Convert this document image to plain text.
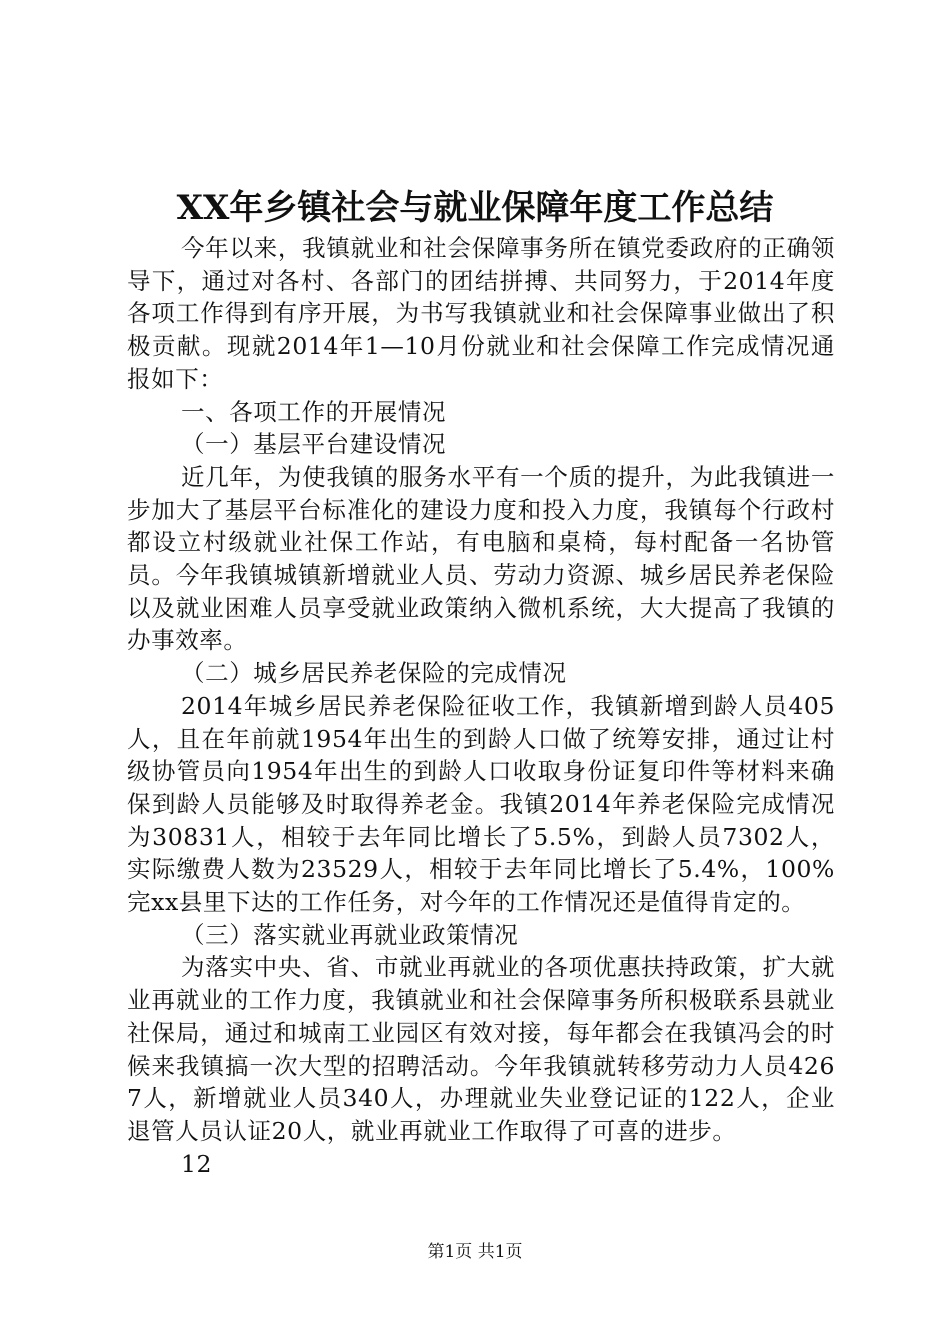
XX年乡镇社会与就业保障年度工作总结

今年以来，我镇就业和社会保障事务所在镇党委政府的正确领导下，通过对各村、各部门的团结拼搏、共同努力，于2014年度各项工作得到有序开展，为书写我镇就业和社会保障事业做出了积极贡献。现就2014年1—10月份就业和社会保障工作完成情况通报如下：

一、各项工作的开展情况

（一）基层平台建设情况

近几年，为使我镇的服务水平有一个质的提升，为此我镇进一步加大了基层平台标准化的建设力度和投入力度，我镇每个行政村都设立村级就业社保工作站，有电脑和桌椅，每村配备一名协管员。今年我镇城镇新增就业人员、劳动力资源、城乡居民养老保险以及就业困难人员享受就业政策纳入微机系统，大大提高了我镇的办事效率。

（二）城乡居民养老保险的完成情况

2014年城乡居民养老保险征收工作，我镇新增到龄人员405人，且在年前就1954年出生的到龄人口做了统筹安排，通过让村级协管员向1954年出生的到龄人口收取身份证复印件等材料来确保到龄人员能够及时取得养老金。我镇2014年养老保险完成情况为30831人，相较于去年同比增长了5.5%，到龄人员7302人，实际缴费人数为23529人，相较于去年同比增长了5.4%，100%完xx县里下达的工作任务，对今年的工作情况还是值得肯定的。

（三）落实就业再就业政策情况

为落实中央、省、市就业再就业的各项优惠扶持政策，扩大就业再就业的工作力度，我镇就业和社会保障事务所积极联系县就业社保局，通过和城南工业园区有效对接，每年都会在我镇冯会的时候来我镇搞一次大型的招聘活动。今年我镇就转移劳动力人员4267人，新增就业人员340人，办理就业失业登记证的122人，企业退管人员认证20人，就业再就业工作取得了可喜的进步。

12

第1页 共1页
